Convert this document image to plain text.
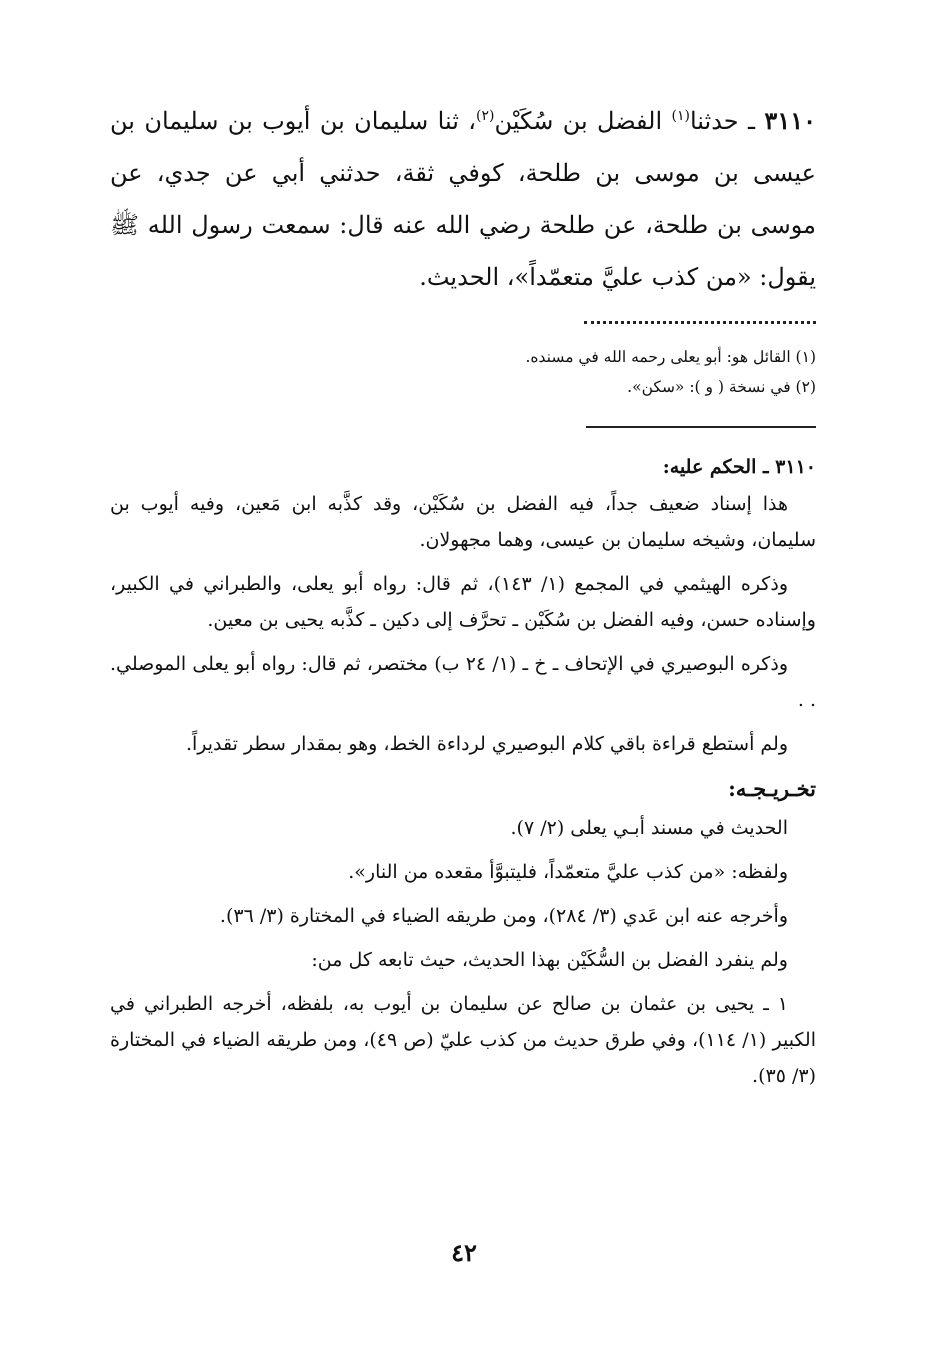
٣١١٠ ـ حدثنا$^{(١)}$ الفضل بن سُكَيْن$^{(٢)}$، ثنا سليمان بن أيوب بن سليمان بن عيسى بن موسى بن طلحة، كوفي ثقة، حدثني أبي عن جدي، عن موسى بن طلحة، عن طلحة رضي الله عنه قال: سمعت رسول الله ﷺ يقول: «من كذب عليَّ متعمّداً»، الحديث.

(١) القائل هو: أبو يعلى رحمه الله في مسنده.

(٢) في نسخة ( و ): «سكن».

٣١١٠ ـ الحكم عليه:

هذا إسناد ضعيف جداً، فيه الفضل بن سُكَيْن، وقد كذَّبه ابن مَعين، وفيه أيوب بن سليمان، وشيخه سليمان بن عيسى، وهما مجهولان.

وذكره الهيثمي في المجمع (١/ ١٤٣)، ثم قال: رواه أبو يعلى، والطبراني في الكبير، وإسناده حسن، وفيه الفضل بن سُكَيْن ـ تحرَّف إلى دكين ـ كذَّبه يحيى بن معين.

وذكره البوصيري في الإتحاف ـ خ ـ (١/ ٢٤ ب) مختصر، ثم قال: رواه أبو يعلى الموصلي. . .

ولم أستطع قراءة باقي كلام البوصيري لرداءة الخط، وهو بمقدار سطر تقديراً.

تخـريـجـه:

الحديث في مسند أبـي يعلى (٢/ ٧).

ولفظه: «من كذب عليَّ متعمّداً، فليتبوَّأ مقعده من النار».

وأخرجه عنه ابن عَدي (٣/ ٢٨٤)، ومن طريقه الضياء في المختارة (٣/ ٣٦).

ولم ينفرد الفضل بن السُّكَيْن بهذا الحديث، حيث تابعه كل من:

١ ـ يحيى بن عثمان بن صالح عن سليمان بن أيوب به، بلفظه، أخرجه الطبراني في الكبير (١/ ١١٤)، وفي طرق حديث من كذب عليّ (ص ٤٩)، ومن طريقه الضياء في المختارة (٣/ ٣٥).

٤٢
